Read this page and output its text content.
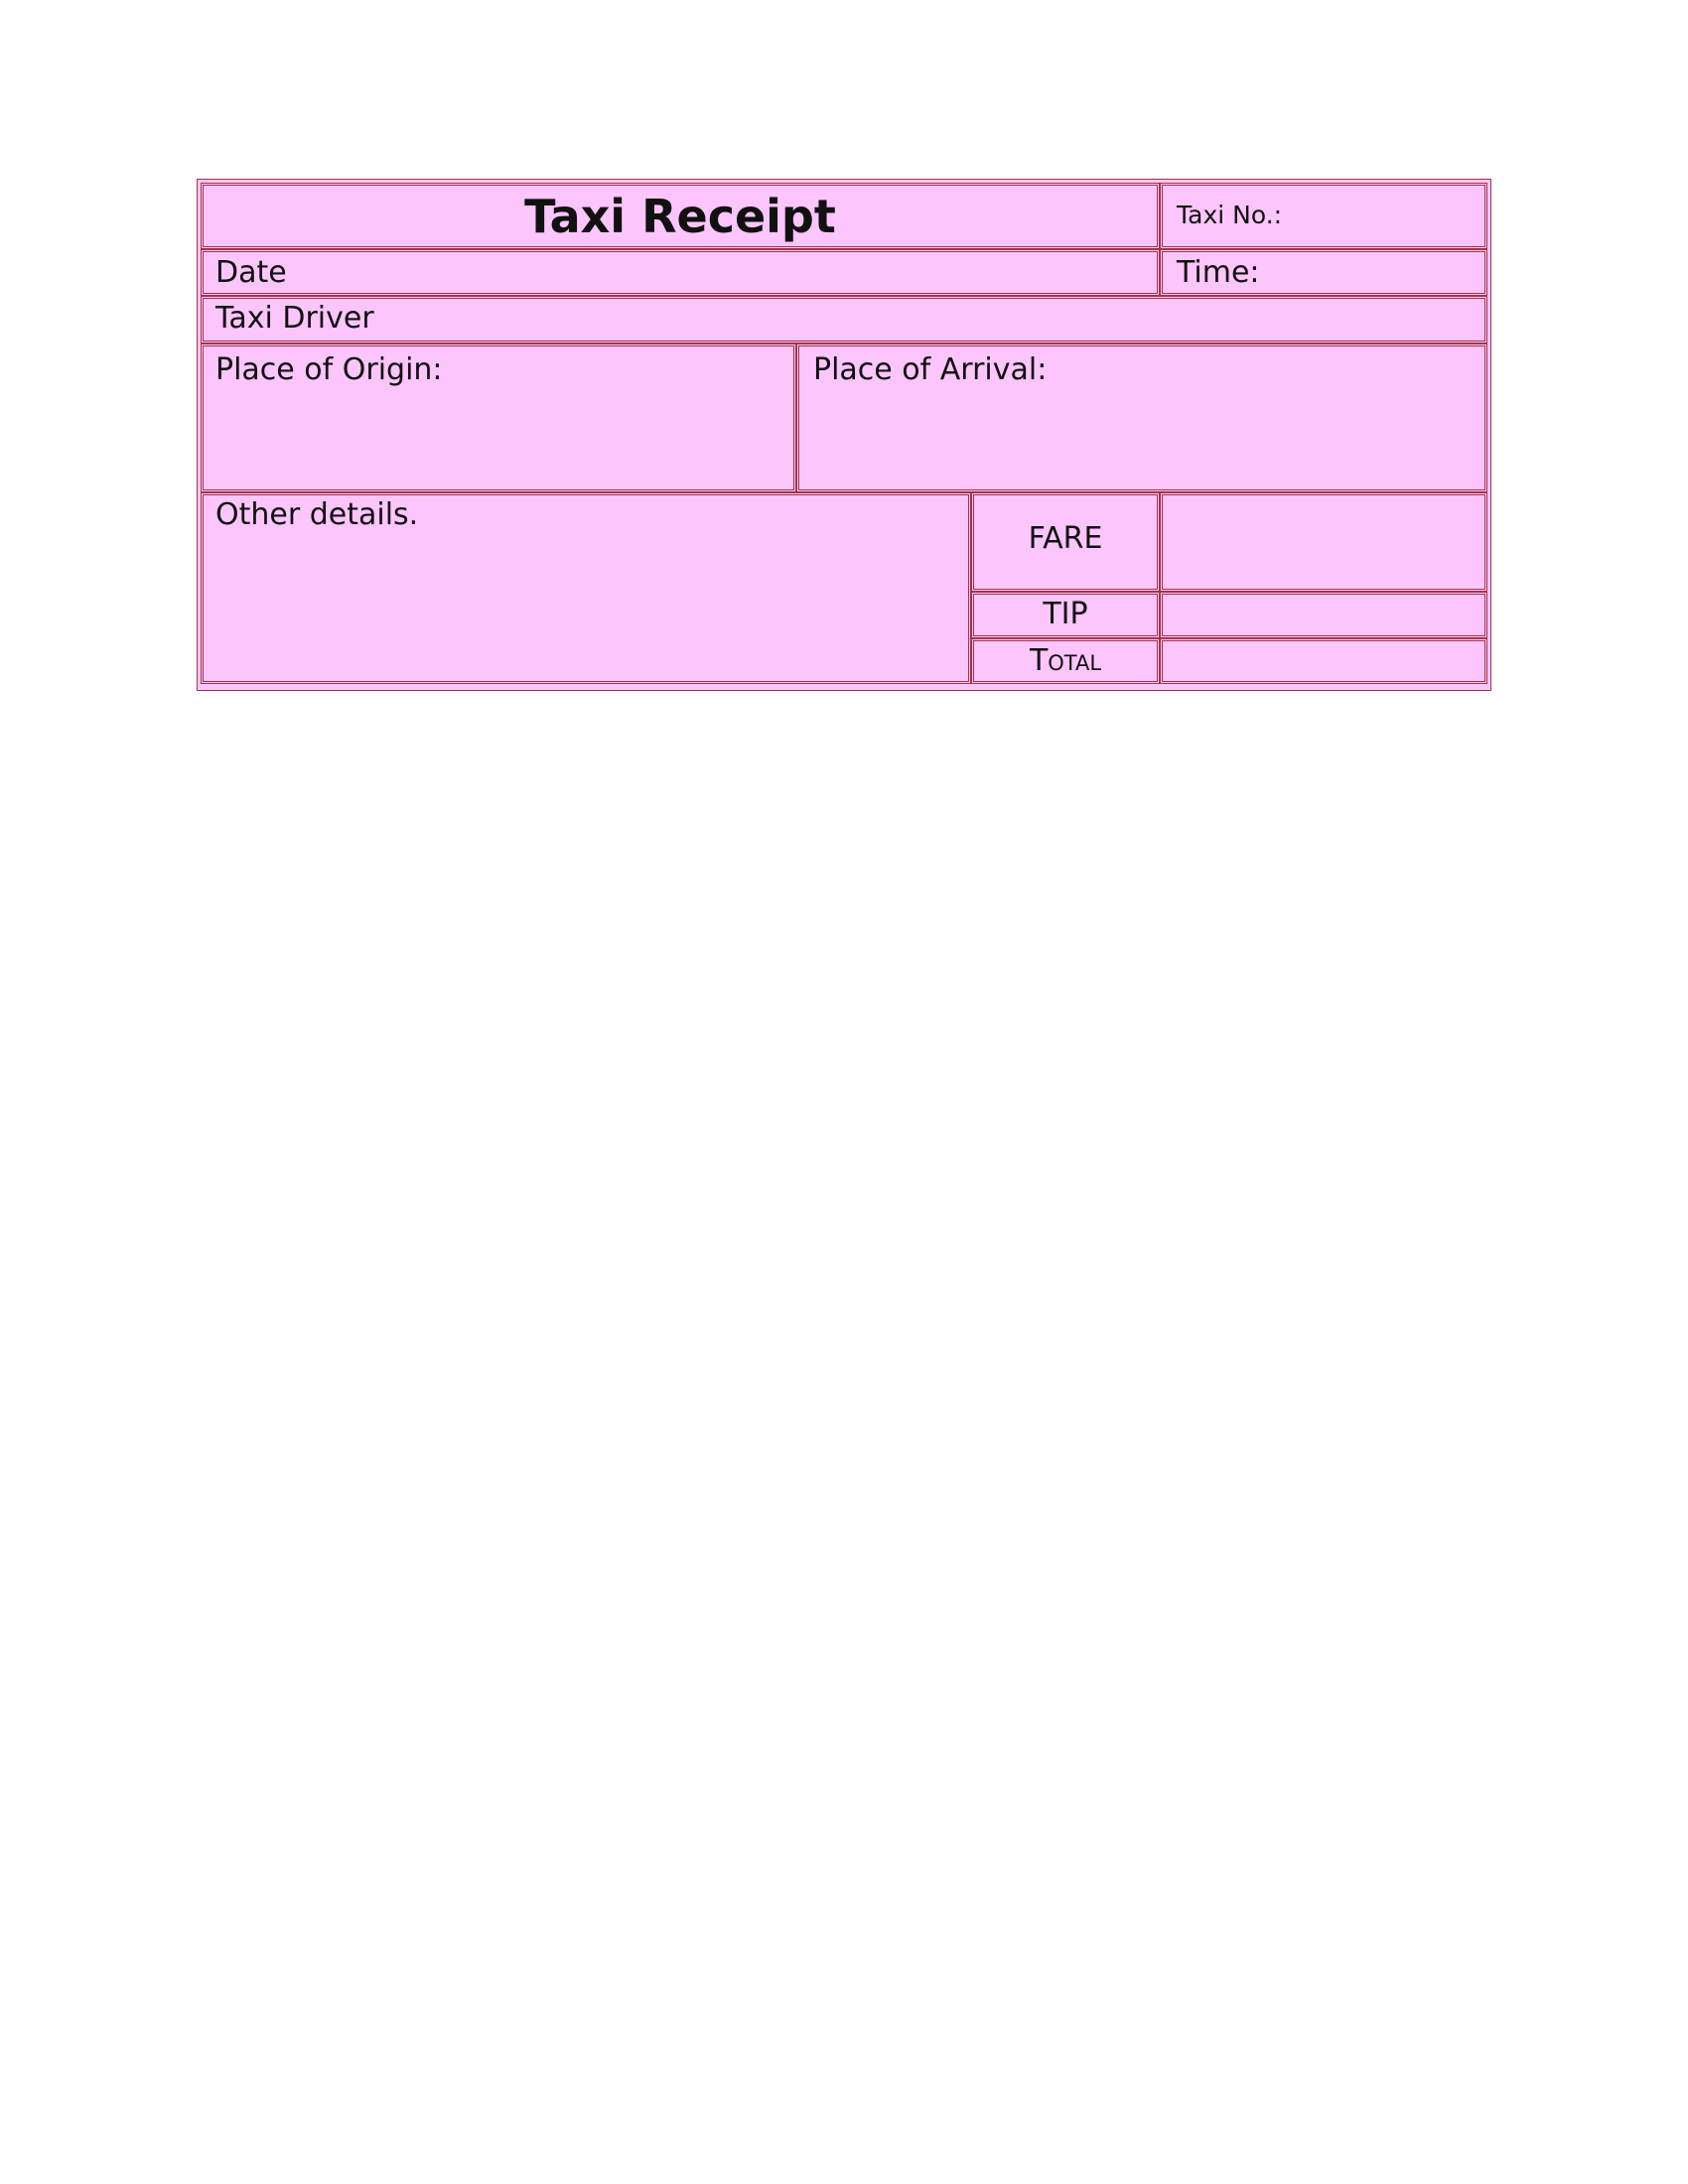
Taxi Receipt	Taxi No.:
Date	Time:
Taxi Driver
Place of Origin:	Place of Arrival:
Other details.
FARE
TIP
Total
